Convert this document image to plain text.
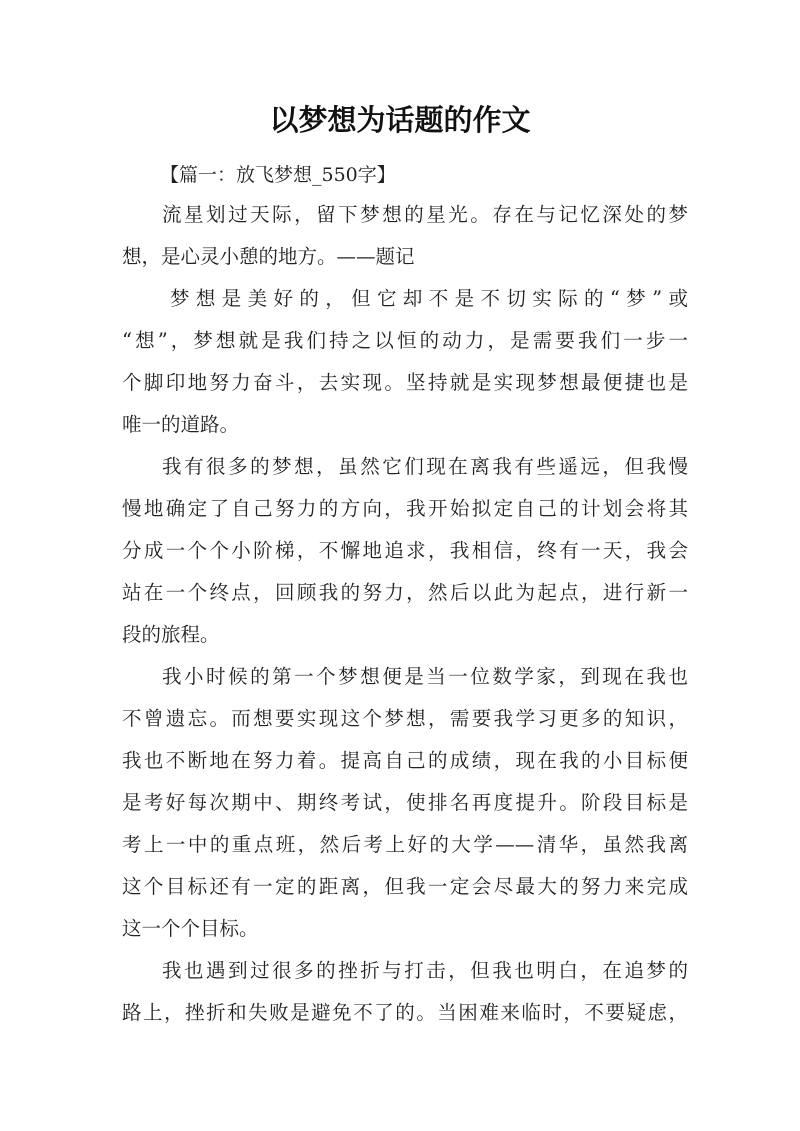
以梦想为话题的作文
【篇一：放飞梦想_550字】
流星划过天际，留下梦想的星光。存在与记忆深处的梦
想，是心灵小憩的地方。——题记
梦想是美好的，但它却不是不切实际的“梦”或
“想”，梦想就是我们持之以恒的动力，是需要我们一步一
个脚印地努力奋斗，去实现。坚持就是实现梦想最便捷也是
唯一的道路。
我有很多的梦想，虽然它们现在离我有些遥远，但我慢
慢地确定了自己努力的方向，我开始拟定自己的计划会将其
分成一个个小阶梯，不懈地追求，我相信，终有一天，我会
站在一个终点，回顾我的努力，然后以此为起点，进行新一
段的旅程。
我小时候的第一个梦想便是当一位数学家，到现在我也
不曾遗忘。而想要实现这个梦想，需要我学习更多的知识，
我也不断地在努力着。提高自己的成绩，现在我的小目标便
是考好每次期中、期终考试，使排名再度提升。阶段目标是
考上一中的重点班，然后考上好的大学——清华，虽然我离
这个目标还有一定的距离，但我一定会尽最大的努力来完成
这一个个目标。
我也遇到过很多的挫折与打击，但我也明白，在追梦的
路上，挫折和失败是避免不了的。当困难来临时，不要疑虑，
